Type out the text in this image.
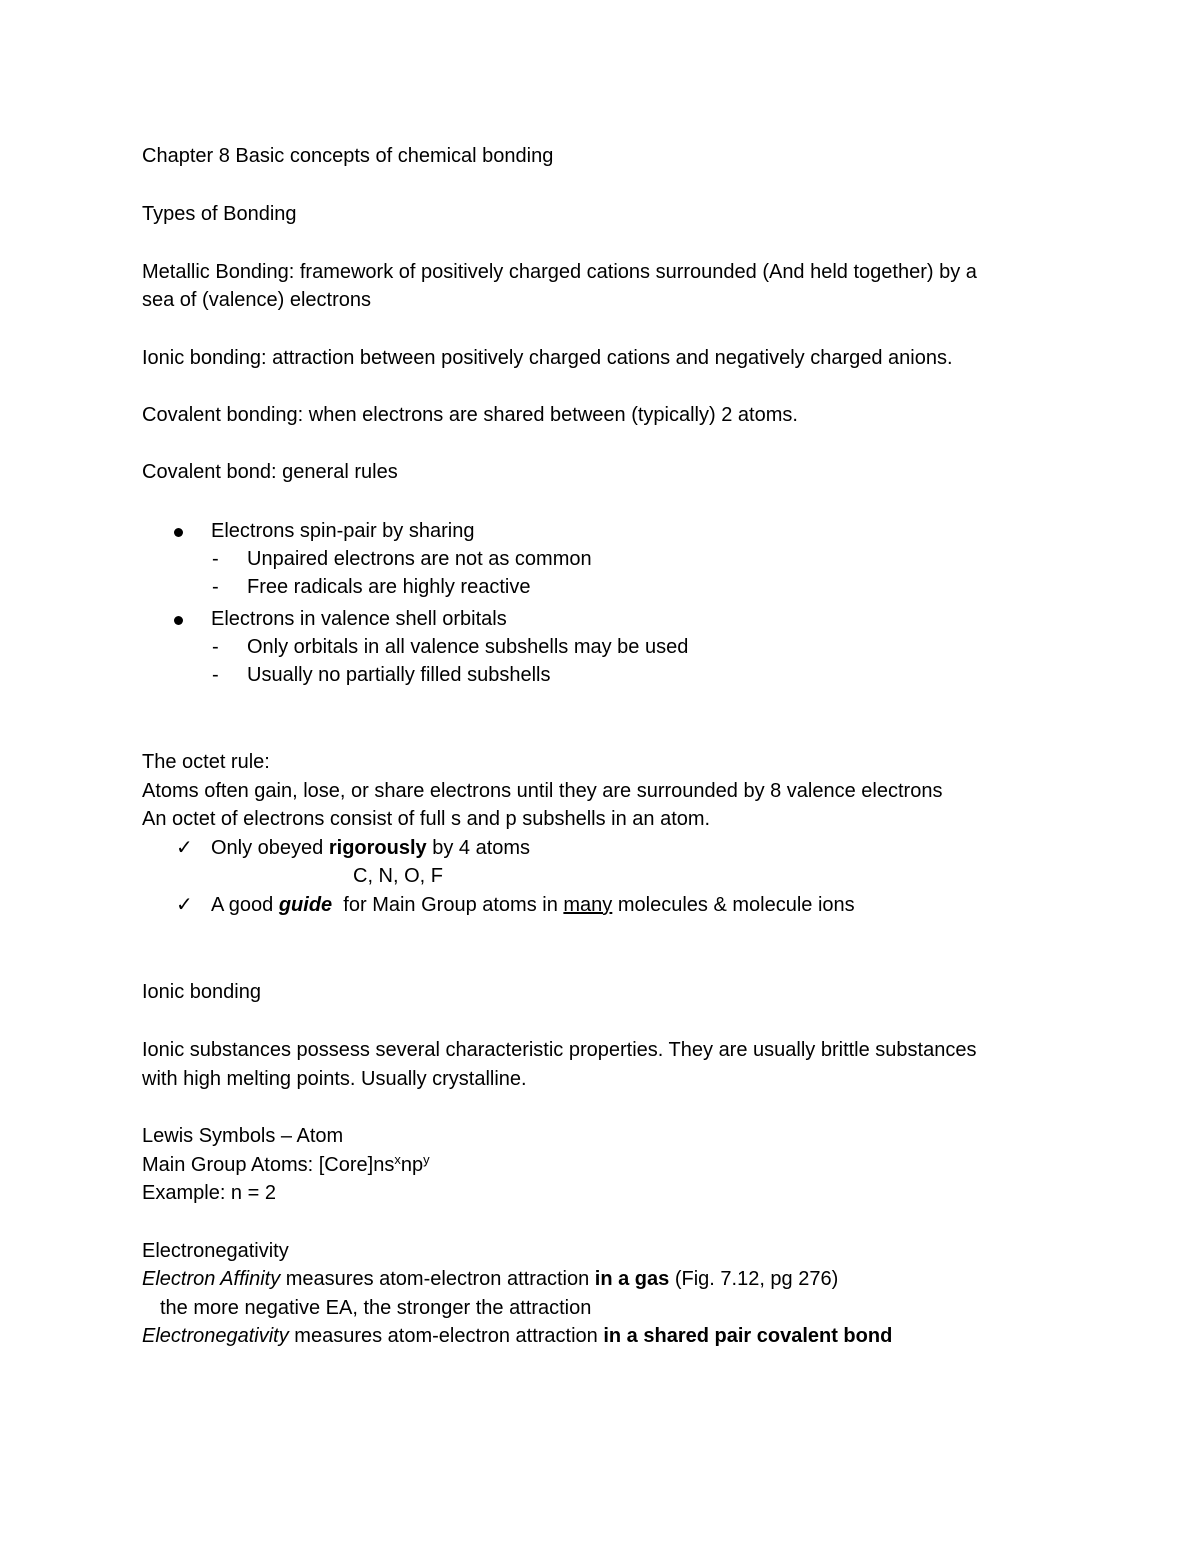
Chapter 8 Basic concepts of chemical bonding
Types of Bonding
Metallic Bonding: framework of positively charged cations surrounded (And held together) by a
sea of (valence) electrons
Ionic bonding: attraction between positively charged cations and negatively charged anions.
Covalent bonding: when electrons are shared between (typically) 2 atoms.
Covalent bond: general rules
Electrons spin-pair by sharing
- Unpaired electrons are not as common
- Free radicals are highly reactive
Electrons in valence shell orbitals
- Only orbitals in all valence subshells may be used
- Usually no partially filled subshells
The octet rule:
Atoms often gain, lose, or share electrons until they are surrounded by 8 valence electrons
An octet of electrons consist of full s and p subshells in an atom.
✓ Only obeyed rigorously by 4 atoms
C, N, O, F
✓ A good guide  for Main Group atoms in many molecules & molecule ions
Ionic bonding
Ionic substances possess several characteristic properties. They are usually brittle substances
with high melting points. Usually crystalline.
Lewis Symbols – Atom
Main Group Atoms: $[Core]ns^xnp^y$
Example: n = 2
Electronegativity
Electron Affinity measures atom-electron attraction in a gas (Fig. 7.12, pg 276)
the more negative EA, the stronger the attraction
Electronegativity measures atom-electron attraction in a shared pair covalent bond
